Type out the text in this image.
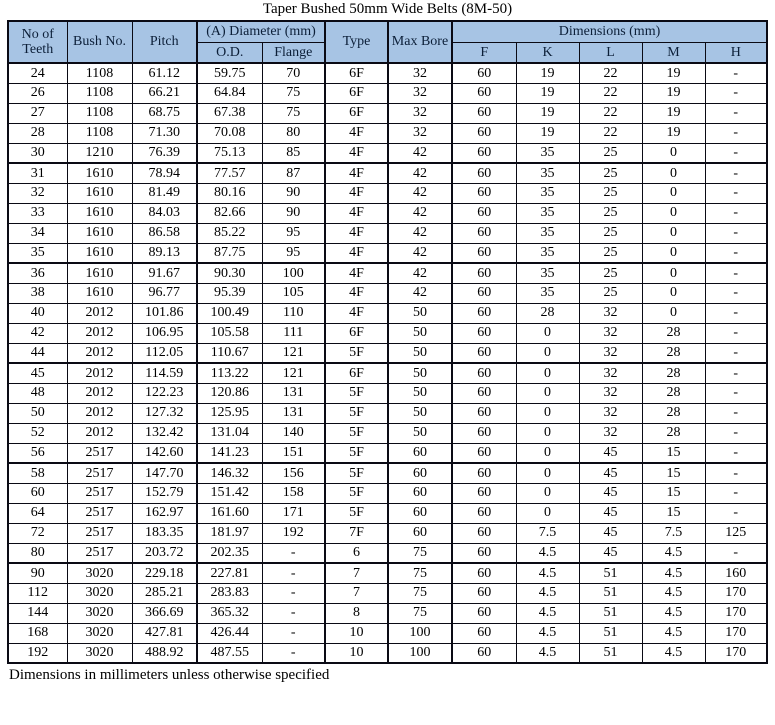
Taper Bushed 50mm Wide Belts (8M-50)
No of Teeth	Bush No.	Pitch	(A) Diameter (mm)		Type	Max Bore	Dimensions (mm)				
			O.D.	Flange			F	K	L	M	H
24	1108	61.12	59.75	70	6F	32	60	19	22	19	-
26	1108	66.21	64.84	75	6F	32	60	19	22	19	-
27	1108	68.75	67.38	75	6F	32	60	19	22	19	-
28	1108	71.30	70.08	80	4F	32	60	19	22	19	-
30	1210	76.39	75.13	85	4F	42	60	35	25	0	-
31	1610	78.94	77.57	87	4F	42	60	35	25	0	-
32	1610	81.49	80.16	90	4F	42	60	35	25	0	-
33	1610	84.03	82.66	90	4F	42	60	35	25	0	-
34	1610	86.58	85.22	95	4F	42	60	35	25	0	-
35	1610	89.13	87.75	95	4F	42	60	35	25	0	-
36	1610	91.67	90.30	100	4F	42	60	35	25	0	-
38	1610	96.77	95.39	105	4F	42	60	35	25	0	-
40	2012	101.86	100.49	110	4F	50	60	28	32	0	-
42	2012	106.95	105.58	111	6F	50	60	0	32	28	-
44	2012	112.05	110.67	121	5F	50	60	0	32	28	-
45	2012	114.59	113.22	121	6F	50	60	0	32	28	-
48	2012	122.23	120.86	131	5F	50	60	0	32	28	-
50	2012	127.32	125.95	131	5F	50	60	0	32	28	-
52	2012	132.42	131.04	140	5F	50	60	0	32	28	-
56	2517	142.60	141.23	151	5F	60	60	0	45	15	-
58	2517	147.70	146.32	156	5F	60	60	0	45	15	-
60	2517	152.79	151.42	158	5F	60	60	0	45	15	-
64	2517	162.97	161.60	171	5F	60	60	0	45	15	-
72	2517	183.35	181.97	192	7F	60	60	7.5	45	7.5	125
80	2517	203.72	202.35	-	6	75	60	4.5	45	4.5	-
90	3020	229.18	227.81	-	7	75	60	4.5	51	4.5	160
112	3020	285.21	283.83	-	7	75	60	4.5	51	4.5	170
144	3020	366.69	365.32	-	8	75	60	4.5	51	4.5	170
168	3020	427.81	426.44	-	10	100	60	4.5	51	4.5	170
192	3020	488.92	487.55	-	10	100	60	4.5	51	4.5	170
Dimensions in millimeters unless otherwise specified
